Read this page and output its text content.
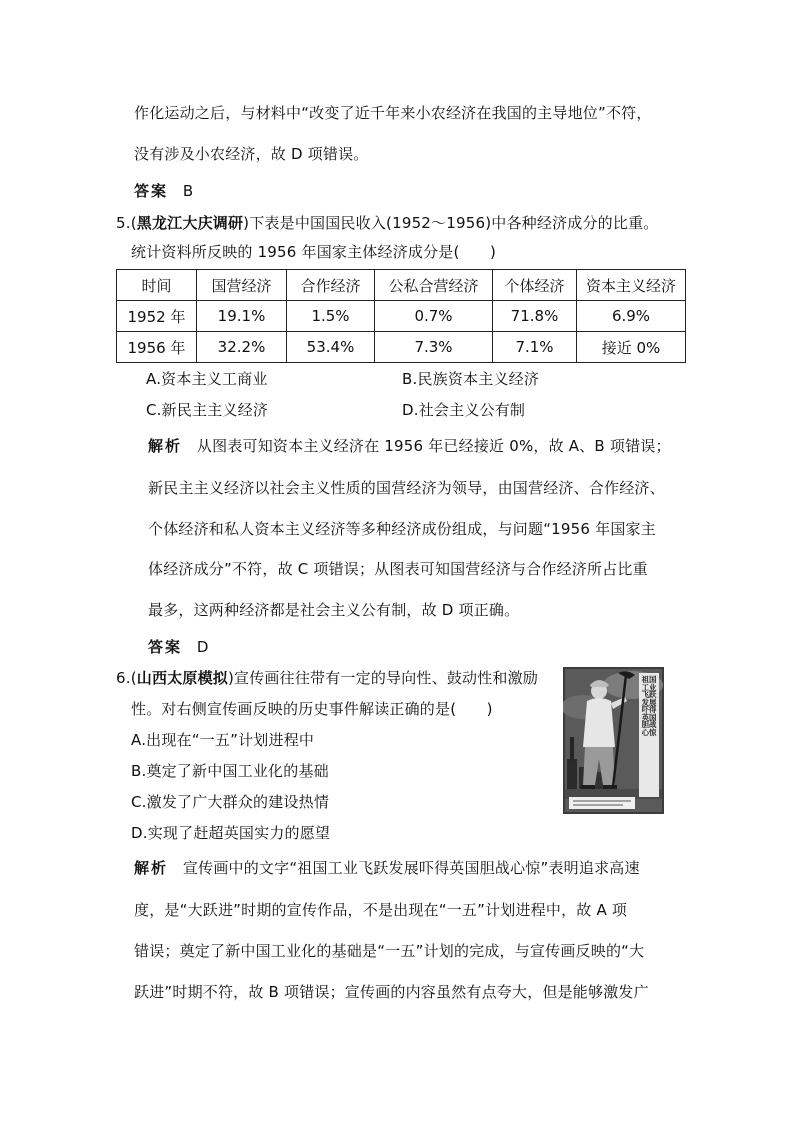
作化运动之后，与材料中“改变了近千年来小农经济在我国的主导地位”不符，
没有涉及小农经济，故 D 项错误。
答案 B
5.(黑龙江大庆调研)下表是中国国民收入(1952～1956)中各种经济成分的比重。
统计资料所反映的 1956 年国家主体经济成分是(　　)
时间	国营经济	合作经济	公私合营经济	个体经济	资本主义经济
1952 年	19.1%	1.5%	0.7%	71.8%	6.9%
1956 年	32.2%	53.4%	7.3%	7.1%	接近 0%
A.资本主义工商业	B.民族资本主义经济
C.新民主主义经济	D.社会主义公有制
解析 从图表可知资本主义经济在 1956 年已经接近 0%，故 A、B 项错误；
新民主主义经济以社会主义性质的国营经济为领导，由国营经济、合作经济、
个体经济和私人资本主义经济等多种经济成份组成，与问题“1956 年国家主
体经济成分”不符，故 C 项错误；从图表可知国营经济与合作经济所占比重
最多，这两种经济都是社会主义公有制，故 D 项正确。
答案 D
6.(山西太原模拟)宣传画往往带有一定的导向性、鼓动性和激励
性。对右侧宣传画反映的历史事件解读正确的是(　　)
A.出现在“一五”计划进程中
B.奠定了新中国工业化的基础
C.激发了广大群众的建设热情
D.实现了赶超英国实力的愿望
祖国工业飞跃发展吓得英国胆战心惊
解析 宣传画中的文字“祖国工业飞跃发展吓得英国胆战心惊”表明追求高速
度，是“大跃进”时期的宣传作品，不是出现在“一五”计划进程中，故 A 项
错误；奠定了新中国工业化的基础是“一五”计划的完成，与宣传画反映的“大
跃进”时期不符，故 B 项错误；宣传画的内容虽然有点夸大，但是能够激发广
